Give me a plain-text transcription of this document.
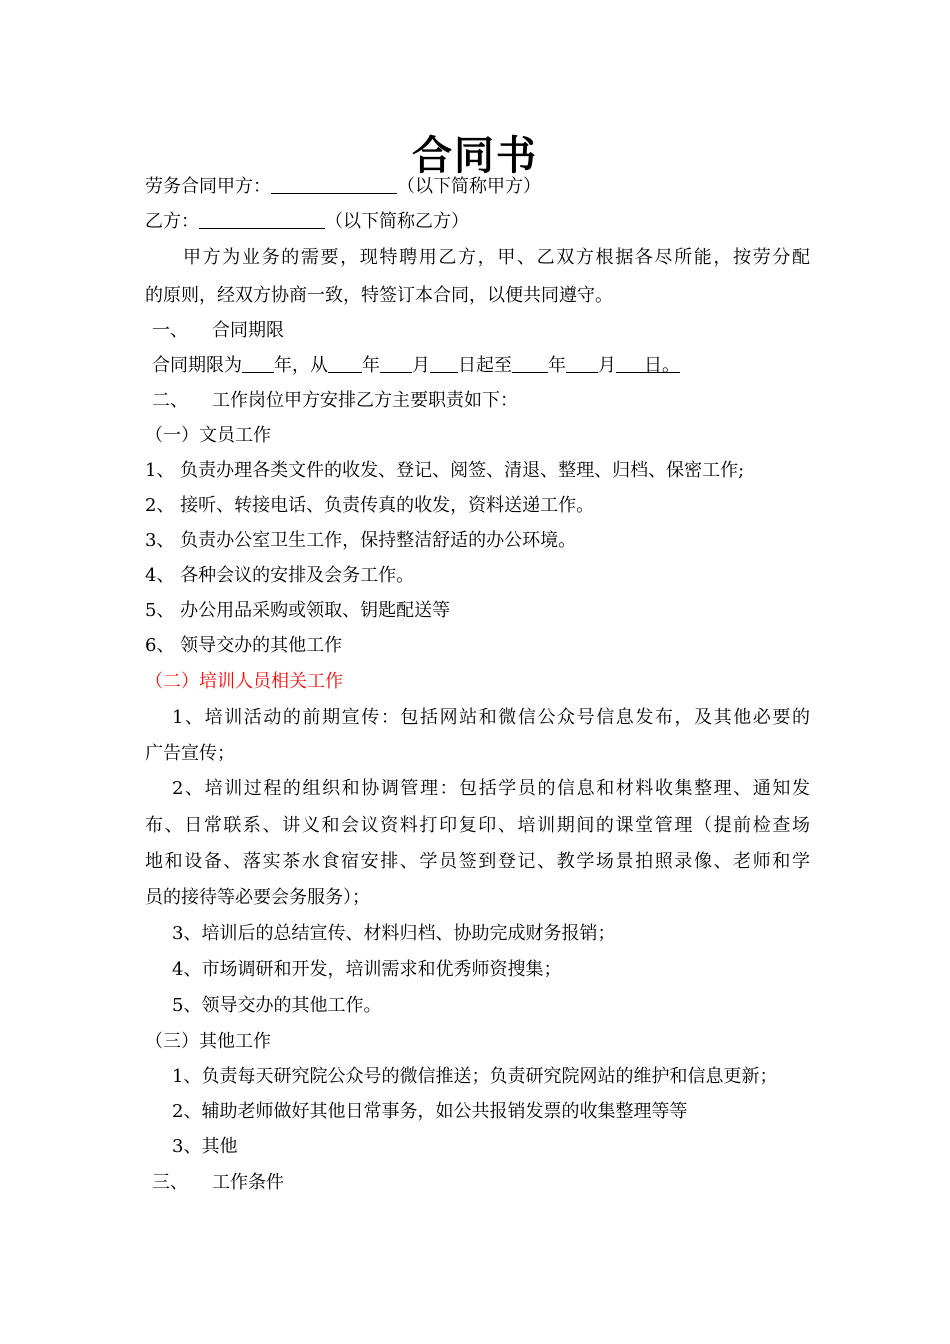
合同书
劳务合同甲方：	（以下简称甲方）
乙方：	（以下简称乙方）
甲方为业务的需要，现特聘用乙方，甲、乙双方根据各尽所能，按劳分配
的原则，经双方协商一致，特签订本合同，以便共同遵守。
一、 合同期限
合同期限为 年，从 年 月 日起至 年 月 日。
二、 工作岗位甲方安排乙方主要职责如下：
（一）文员工作
1、 负责办理各类文件的收发、登记、阅签、清退、整理、归档、保密工作;
2、 接听、转接电话、负责传真的收发，资料送递工作。
3、 负责办公室卫生工作，保持整洁舒适的办公环境。
4、 各种会议的安排及会务工作。
5、 办公用品采购或领取、钥匙配送等
6、 领导交办的其他工作
（二）培训人员相关工作
1、培训活动的前期宣传：包括网站和微信公众号信息发布，及其他必要的
广告宣传；
2、培训过程的组织和协调管理：包括学员的信息和材料收集整理、通知发
布、日常联系、讲义和会议资料打印复印、培训期间的课堂管理（提前检查场
地和设备、落实茶水食宿安排、学员签到登记、教学场景拍照录像、老师和学
员的接待等必要会务服务）；
3、培训后的总结宣传、材料归档、协助完成财务报销；
4、市场调研和开发，培训需求和优秀师资搜集；
5、领导交办的其他工作。
（三）其他工作
1、负责每天研究院公众号的微信推送；负责研究院网站的维护和信息更新；
2、辅助老师做好其他日常事务，如公共报销发票的收集整理等等
3、其他
三、 工作条件
